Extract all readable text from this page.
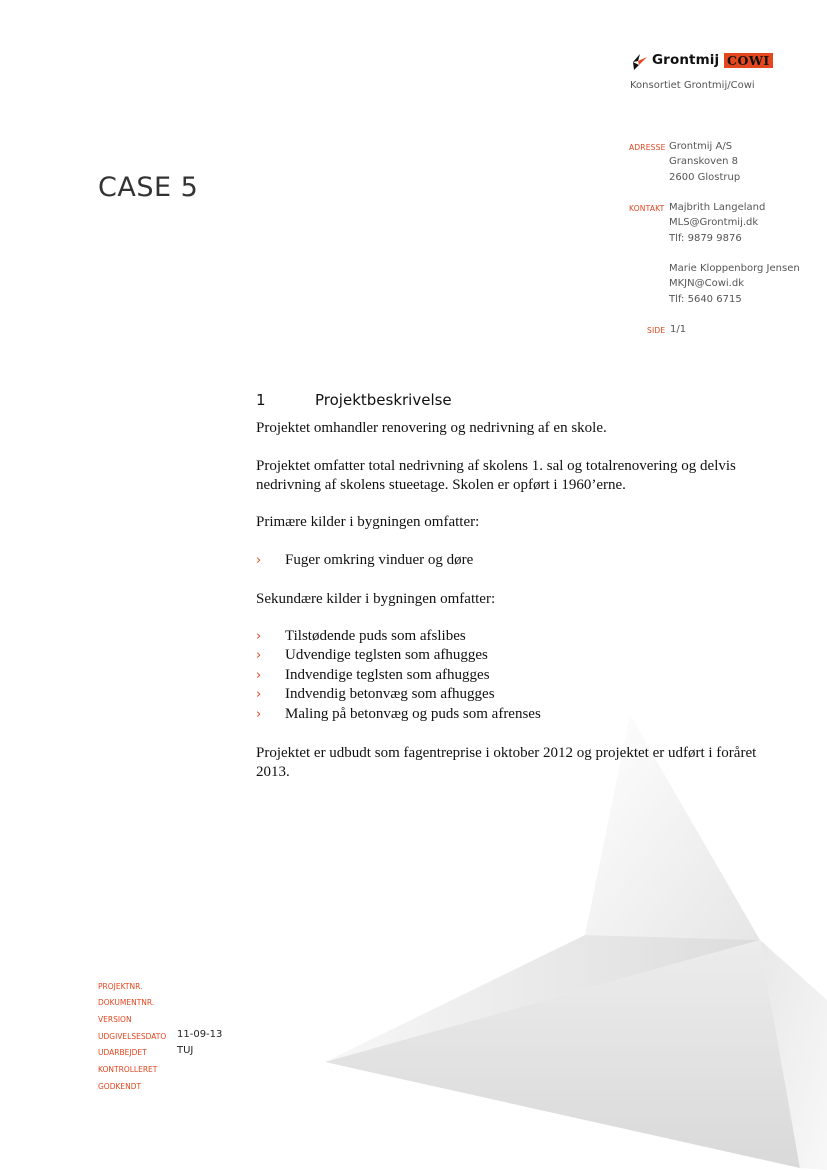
Grontmij COWI
Konsortiet Grontmij/Cowi
ADRESSE Grontmij A/S
Granskoven 8
2600 Glostrup
KONTAKT Majbrith Langeland
MLS@Grontmij.dk
Tlf: 9879 9876
Marie Kloppenborg Jensen
MKJN@Cowi.dk
Tlf: 5640 6715
SIDE 1/1
CASE 5
1	Projektbeskrivelse
Projektet omhandler renovering og nedrivning af en skole.
Projektet omfatter total nedrivning af skolens 1. sal og totalrenovering og delvis
nedrivning af skolens stueetage. Skolen er opført i 1960’erne.
Primære kilder i bygningen omfatter:
› Fuger omkring vinduer og døre
Sekundære kilder i bygningen omfatter:
› Tilstødende puds som afslibes
› Udvendige teglsten som afhugges
› Indvendige teglsten som afhugges
› Indvendig betonvæg som afhugges
› Maling på betonvæg og puds som afrenses
Projektet er udbudt som fagentreprise i oktober 2012 og projektet er udført i foråret
2013.
PROJEKTNR.
DOKUMENTNR.
VERSION
UDGIVELSESDATO 11-09-13
UDARBEJDET	TUJ
KONTROLLERET
GODKENDT
